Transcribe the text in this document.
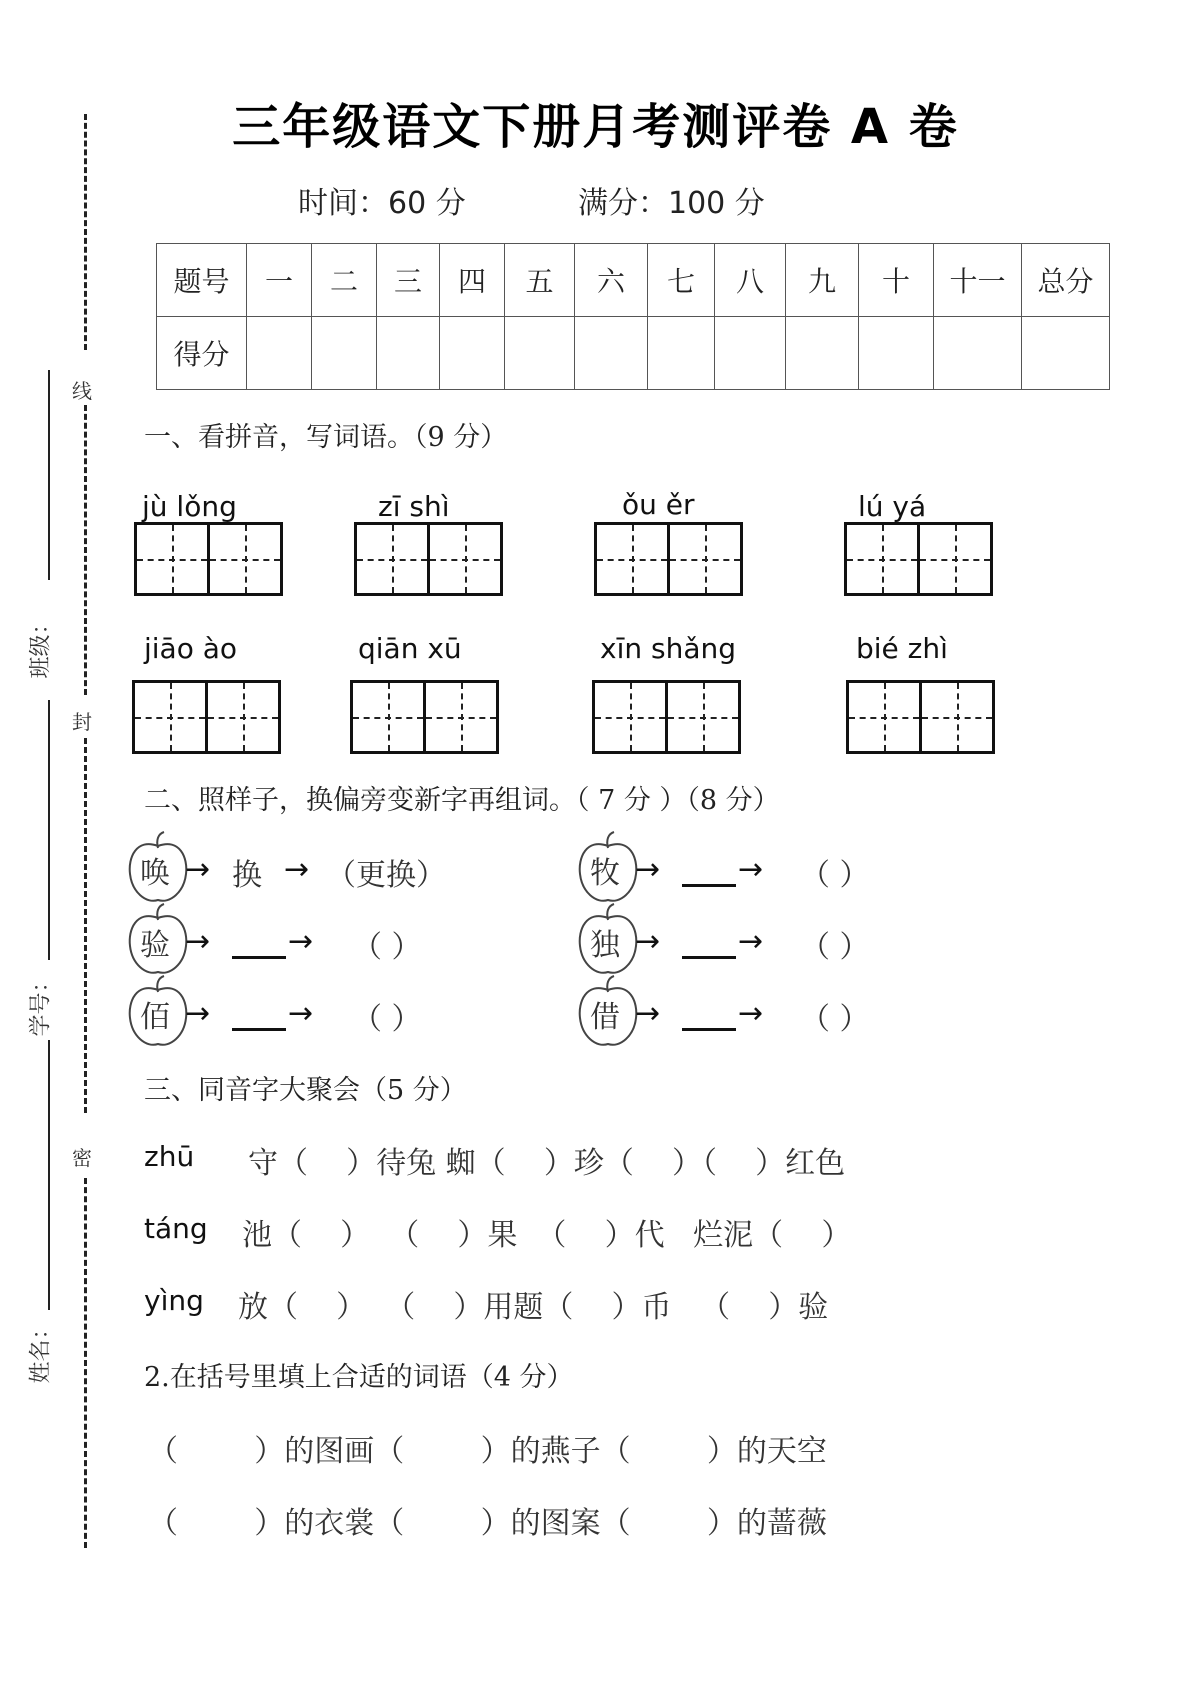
线
封
密
班级：
学号：
姓名：
三年级语文下册月考测评卷 A 卷
时间：60 分	满分：100 分
题号	一	二	三	四	五	六	七	八	九	十	十一	总分
得分												
一、看拼音，写词语。（9 分）
jù lǒng	zī shì	ǒu ěr	lú yá
jiāo ào	qiān xū	xīn shǎng	bié zhì
二、照样子，换偏旁变新字再组词。（ 7 分 ）（8 分）
唤 → 换 → （更换）	牧 →	→ （ ）
验 →	→ （ ）	独 →	→ （ ）
佰 →	→ （ ）	借 →	→ （ ）
三、同音字大聚会（5 分）
zhū 守（    ）待兔 蜘（    ）珍（    ）（    ）红色
táng 池（    ）  （    ）果  （    ）代   烂泥（    ）
yìng 放（    ）  （    ）用题（    ）币   （    ）验
2.在括号里填上合适的词语（4 分）
（        ）的图画（        ）的燕子（        ）的天空
（        ）的衣裳（        ）的图案（        ）的蔷薇
